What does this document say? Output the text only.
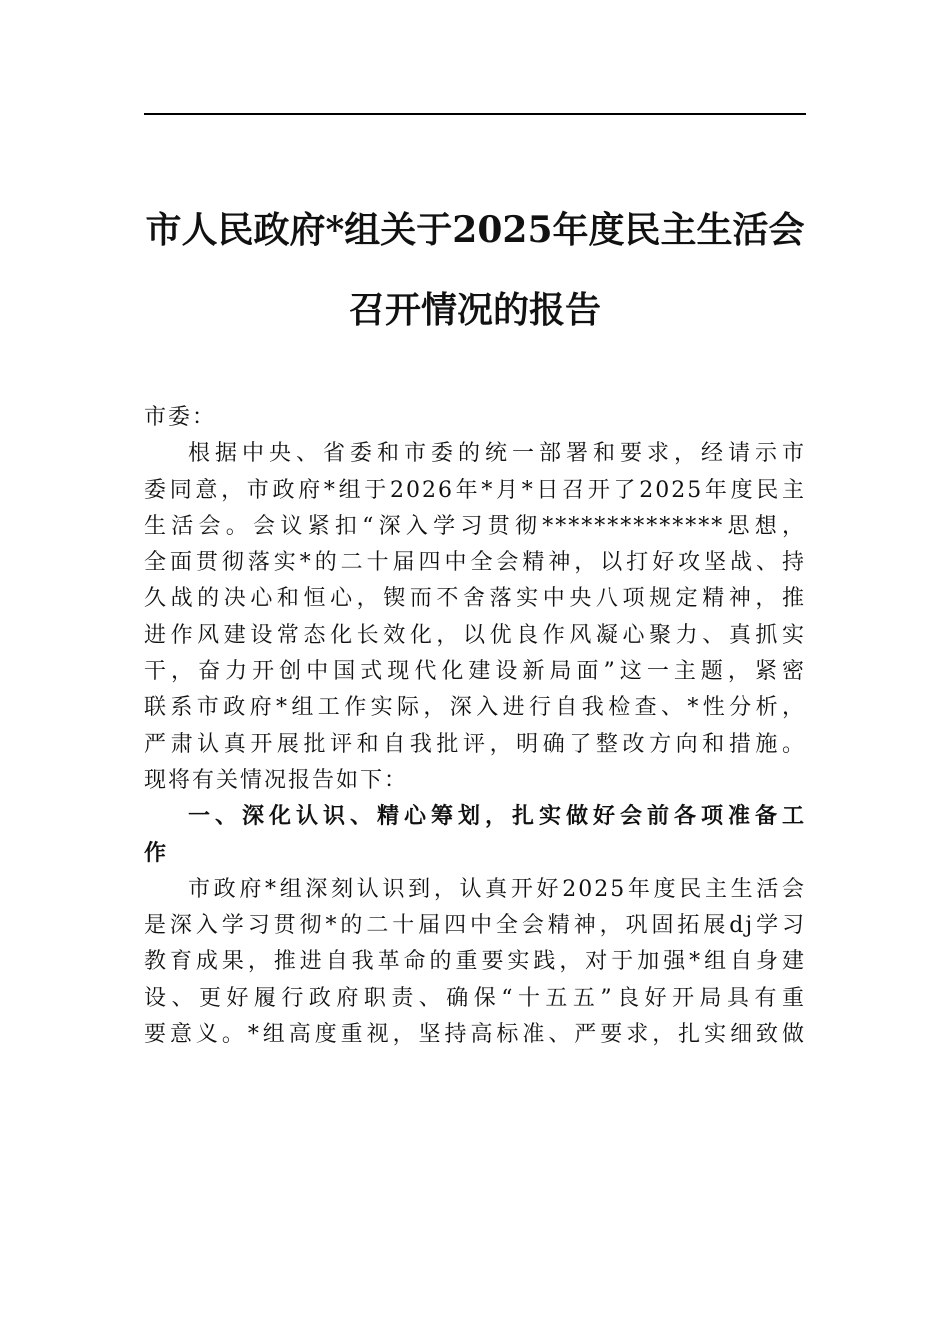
市人民政府*组关于2025年度民主生活会
召开情况的报告

市委：

根据中央、省委和市委的统一部署和要求，经请示市
委同意，市政府*组于2026年*月*日召开了2025年度民主
生活会。会议紧扣“深入学习贯彻**************思想，
全面贯彻落实*的二十届四中全会精神，以打好攻坚战、持
久战的决心和恒心，锲而不舍落实中央八项规定精神，推
进作风建设常态化长效化，以优良作风凝心聚力、真抓实
干，奋力开创中国式现代化建设新局面”这一主题，紧密
联系市政府*组工作实际，深入进行自我检查、*性分析，
严肃认真开展批评和自我批评，明确了整改方向和措施。
现将有关情况报告如下：

一、深化认识、精心筹划，扎实做好会前各项准备工
作

市政府*组深刻认识到，认真开好2025年度民主生活会
是深入学习贯彻*的二十届四中全会精神，巩固拓展dj学习
教育成果，推进自我革命的重要实践，对于加强*组自身建
设、更好履行政府职责、确保“十五五”良好开局具有重
要意义。*组高度重视，坚持高标准、严要求，扎实细致做
